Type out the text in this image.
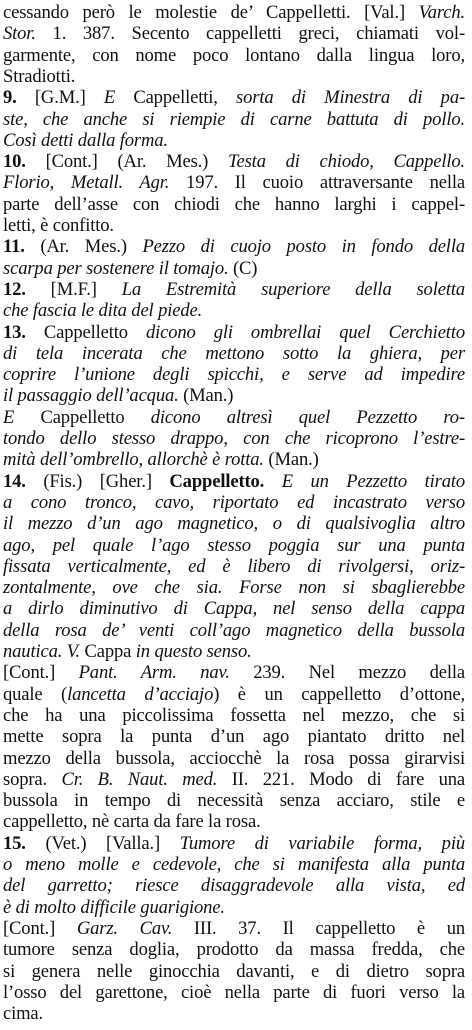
cessando però le molestie de’ Cappelletti. [Val.] Varch.
Stor. 1. 387. Secento cappelletti greci, chiamati vol-
garmente, con nome poco lontano dalla lingua loro,
Stradiotti.
9. [G.M.] E Cappelletti, sorta di Minestra di pa-
ste, che anche si riempie di carne battuta di pollo.
Così detti dalla forma.
10. [Cont.] (Ar. Mes.) Testa di chiodo, Cappello.
Florio, Metall. Agr. 197. Il cuoio attraversante nella
parte dell’asse con chiodi che hanno larghi i cappel-
letti, è confitto.
11. (Ar. Mes.) Pezzo di cuojo posto in fondo della
scarpa per sostenere il tomajo. (C)
12. [M.F.] La Estremità superiore della soletta
che fascia le dita del piede.
13. Cappelletto dicono gli ombrellai quel Cerchietto
di tela incerata che mettono sotto la ghiera, per
coprire l’unione degli spicchi, e serve ad impedire
il passaggio dell’acqua. (Man.)
E Cappelletto dicono altresì quel Pezzetto ro-
tondo dello stesso drappo, con che ricoprono l’estre-
mità dell’ombrello, allorchè è rotta. (Man.)
14. (Fis.) [Gher.] Cappelletto. E un Pezzetto tirato
a cono tronco, cavo, riportato ed incastrato verso
il mezzo d’un ago magnetico, o di qualsivoglia altro
ago, pel quale l’ago stesso poggia sur una punta
fissata verticalmente, ed è libero di rivolgersi, oriz-
zontalmente, ove che sia. Forse non si sbaglierebbe
a dirlo diminutivo di Cappa, nel senso della cappa
della rosa de’ venti coll’ago magnetico della bussola
nautica. V. Cappa in questo senso.
[Cont.] Pant. Arm. nav. 239. Nel mezzo della
quale (lancetta d’acciajo) è un cappelletto d’ottone,
che ha una piccolissima fossetta nel mezzo, che si
mette sopra la punta d’un ago piantato dritto nel
mezzo della bussola, acciocchè la rosa possa girarvisi
sopra. Cr. B. Naut. med. II. 221. Modo di fare una
bussola in tempo di necessità senza acciaro, stile e
cappelletto, nè carta da fare la rosa.
15. (Vet.) [Valla.] Tumore di variabile forma, più
o meno molle e cedevole, che si manifesta alla punta
del garretto; riesce disaggradevole alla vista, ed
è di molto difficile guarigione.
[Cont.] Garz. Cav. III. 37. Il cappelletto è un
tumore senza doglia, prodotto da massa fredda, che
si genera nelle ginocchia davanti, e di dietro sopra
l’osso del garettone, cioè nella parte di fuori verso la
cima.
